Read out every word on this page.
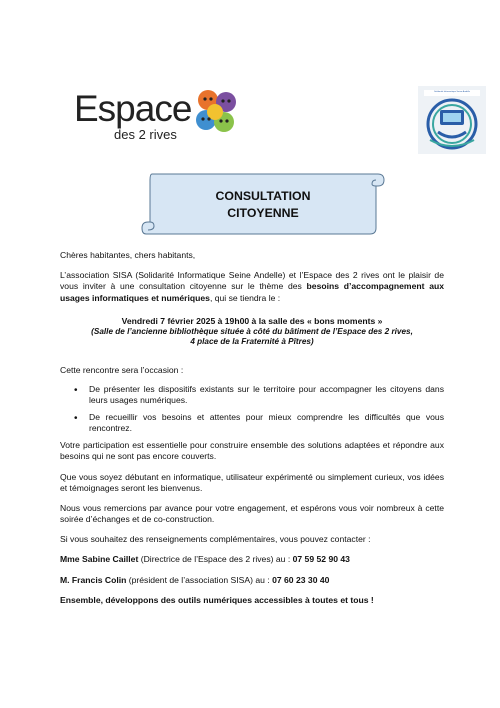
Espace
des 2 rives
Solidarité Informatique Seine Andelle
CONSULTATION
CITOYENNE

Chères habitantes, chers habitants,

L’association SISA (Solidarité Informatique Seine Andelle) et l’Espace des 2 rives ont le plaisir de vous inviter à une consultation citoyenne sur le thème des besoins d’accompagnement aux usages informatiques et numériques, qui se tiendra le :

Vendredi 7 février 2025 à 19h00 à la salle des « bons moments »
(Salle de l’ancienne bibliothèque située à côté du bâtiment de l’Espace des 2 rives,
4 place de la Fraternité à Pîtres)

Cette rencontre sera l’occasion :

• De présenter les dispositifs existants sur le territoire pour accompagner les citoyens dans leurs usages numériques.
• De recueillir vos besoins et attentes pour mieux comprendre les difficultés que vous rencontrez.

Votre participation est essentielle pour construire ensemble des solutions adaptées et répondre aux besoins qui ne sont pas encore couverts.

Que vous soyez débutant en informatique, utilisateur expérimenté ou simplement curieux, vos idées et témoignages seront les bienvenus.

Nous vous remercions par avance pour votre engagement, et espérons vous voir nombreux à cette soirée d’échanges et de co-construction.

Si vous souhaitez des renseignements complémentaires, vous pouvez contacter :

Mme Sabine Caillet (Directrice de l’Espace des 2 rives) au : 07 59 52 90 43

M. Francis Colin (président de l’association SISA) au : 07 60 23 30 40

Ensemble, développons des outils numériques accessibles à toutes et tous !
